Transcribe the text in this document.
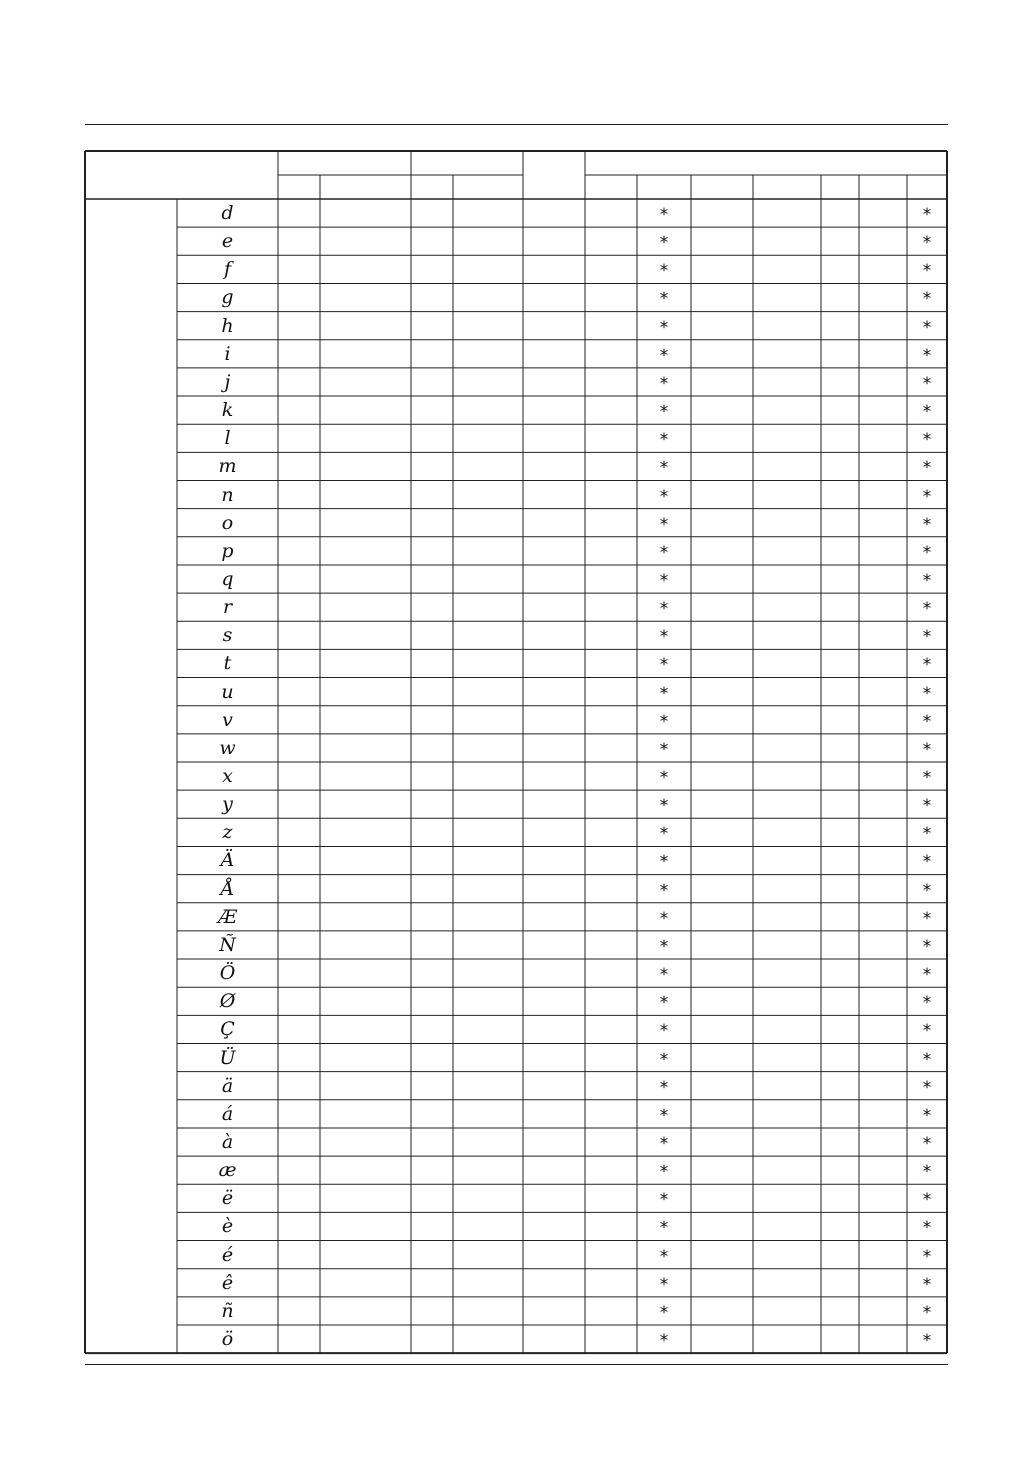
d	*	*
e	*	*
f	*	*
g	*	*
h	*	*
i	*	*
j	*	*
k	*	*
l	*	*
m	*	*
n	*	*
o	*	*
p	*	*
q	*	*
r	*	*
s	*	*
t	*	*
u	*	*
v	*	*
w	*	*
x	*	*
y	*	*
z	*	*
Ä	*	*
Å	*	*
Æ	*	*
Ñ	*	*
Ö	*	*
Ø	*	*
Ç	*	*
Ü	*	*
ä	*	*
á	*	*
à	*	*
æ	*	*
ë	*	*
è	*	*
é	*	*
ê	*	*
ñ	*	*
ö	*	*
